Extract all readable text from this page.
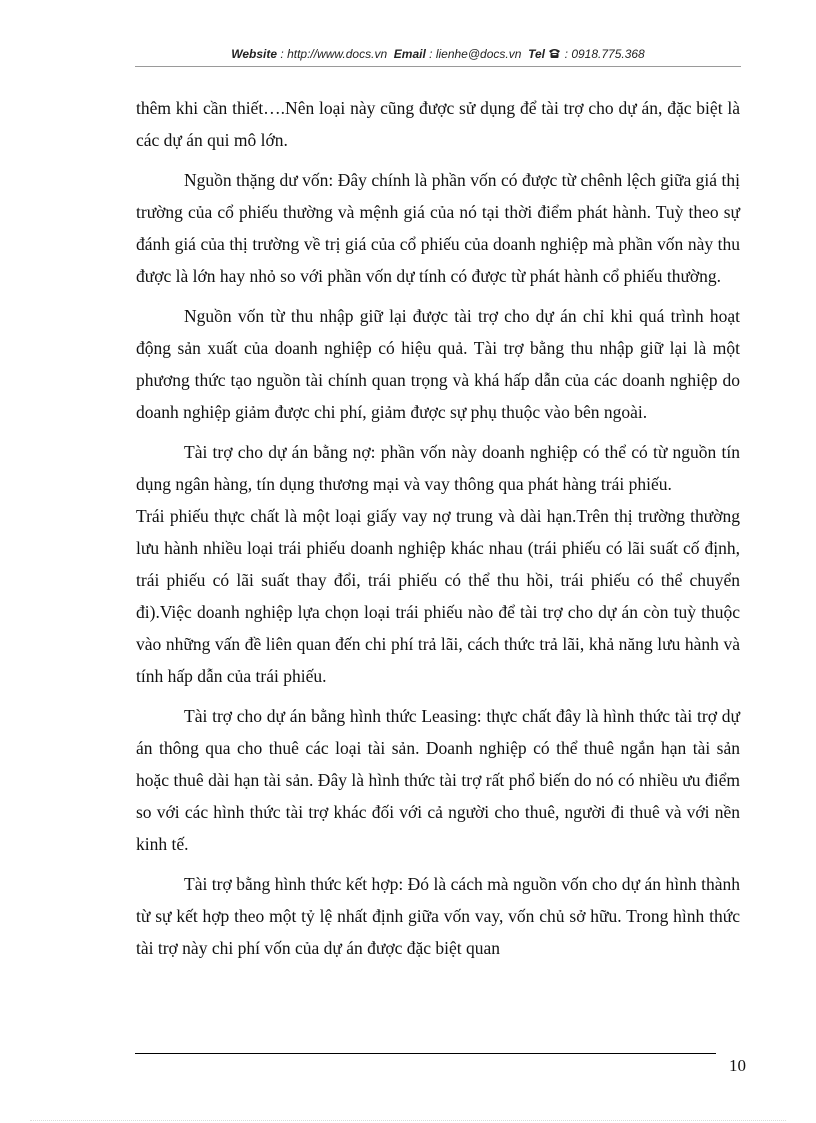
Website : http://www.docs.vn Email : lienhe@docs.vn Tel : 0918.775.368

thêm khi cần thiết….Nên loại này cũng được sử dụng để tài trợ cho dự án, đặc biệt là các dự án qui mô lớn.

Nguồn thặng dư vốn: Đây chính là phần vốn có được từ chênh lệch giữa giá thị trường của cổ phiếu thường và mệnh giá của nó tại thời điểm phát hành. Tuỳ theo sự đánh giá của thị trường về trị giá của cổ phiếu của doanh nghiệp mà phần vốn này thu được là lớn hay nhỏ so với phần vốn dự tính có được từ phát hành cổ phiếu thường.

Nguồn vốn từ thu nhập giữ lại được tài trợ cho dự án chỉ khi quá trình hoạt động sản xuất của doanh nghiệp có hiệu quả. Tài trợ bằng thu nhập giữ lại là một phương thức tạo nguồn tài chính quan trọng và khá hấp dẫn của các doanh nghiệp do doanh nghiệp giảm được chi phí, giảm được sự phụ thuộc vào bên ngoài.

Tài trợ cho dự án bằng nợ: phần vốn này doanh nghiệp có thể có từ nguồn tín dụng ngân hàng, tín dụng thương mại và vay thông qua phát hàng trái phiếu.

Trái phiếu thực chất là một loại giấy vay nợ trung và dài hạn.Trên thị trường thường lưu hành nhiều loại trái phiếu doanh nghiệp khác nhau (trái phiếu có lãi suất cố định, trái phiếu có lãi suất thay đổi, trái phiếu có thể thu hồi, trái phiếu có thể chuyển đi).Việc doanh nghiệp lựa chọn loại trái phiếu nào để tài trợ cho dự án còn tuỳ thuộc vào những vấn đề liên quan đến chi phí trả lãi, cách thức trả lãi, khả năng lưu hành và tính hấp dẫn của trái phiếu.

Tài trợ cho dự án bằng hình thức Leasing: thực chất đây là hình thức tài trợ dự án thông qua cho thuê các loại tài sản. Doanh nghiệp có thể thuê ngắn hạn tài sản hoặc thuê dài hạn tài sản. Đây là hình thức tài trợ rất phổ biến do nó có nhiều ưu điểm so với các hình thức tài trợ khác đối với cả người cho thuê, người đi thuê và với nền kinh tế.

Tài trợ bằng hình thức kết hợp: Đó là cách mà nguồn vốn cho dự án hình thành từ sự kết hợp theo một tỷ lệ nhất định giữa vốn vay, vốn chủ sở hữu. Trong hình thức tài trợ này chi phí vốn của dự án được đặc biệt quan

10
